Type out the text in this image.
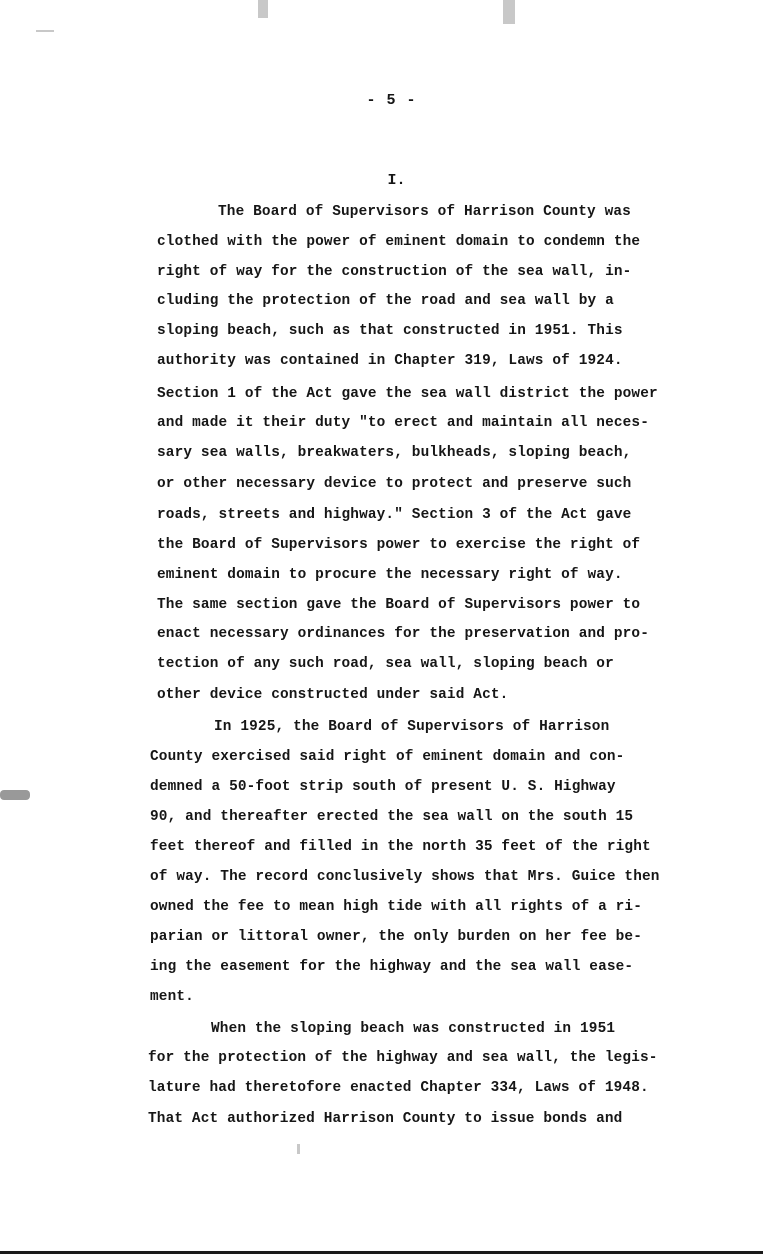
- 5 -
I.
The Board of Supervisors of Harrison County was
clothed with the power of eminent domain to condemn the
right of way for the construction of the sea wall, in-
cluding the protection of the road and sea wall by a
sloping beach, such as that constructed in 1951. This
authority was contained in Chapter 319, Laws of 1924.
Section 1 of the Act gave the sea wall district the power
and made it their duty "to erect and maintain all neces-
sary sea walls, breakwaters, bulkheads, sloping beach,
or other necessary device to protect and preserve such
roads, streets and highway." Section 3 of the Act gave
the Board of Supervisors power to exercise the right of
eminent domain to procure the necessary right of way.
The same section gave the Board of Supervisors power to
enact necessary ordinances for the preservation and pro-
tection of any such road, sea wall, sloping beach or
other device constructed under said Act.
In 1925, the Board of Supervisors of Harrison
County exercised said right of eminent domain and con-
demned a 50-foot strip south of present U. S. Highway
90, and thereafter erected the sea wall on the south 15
feet thereof and filled in the north 35 feet of the right
of way. The record conclusively shows that Mrs. Guice then
owned the fee to mean high tide with all rights of a ri-
parian or littoral owner, the only burden on her fee be-
ing the easement for the highway and the sea wall ease-
ment.
When the sloping beach was constructed in 1951
for the protection of the highway and sea wall, the legis-
lature had theretofore enacted Chapter 334, Laws of 1948.
That Act authorized Harrison County to issue bonds and
